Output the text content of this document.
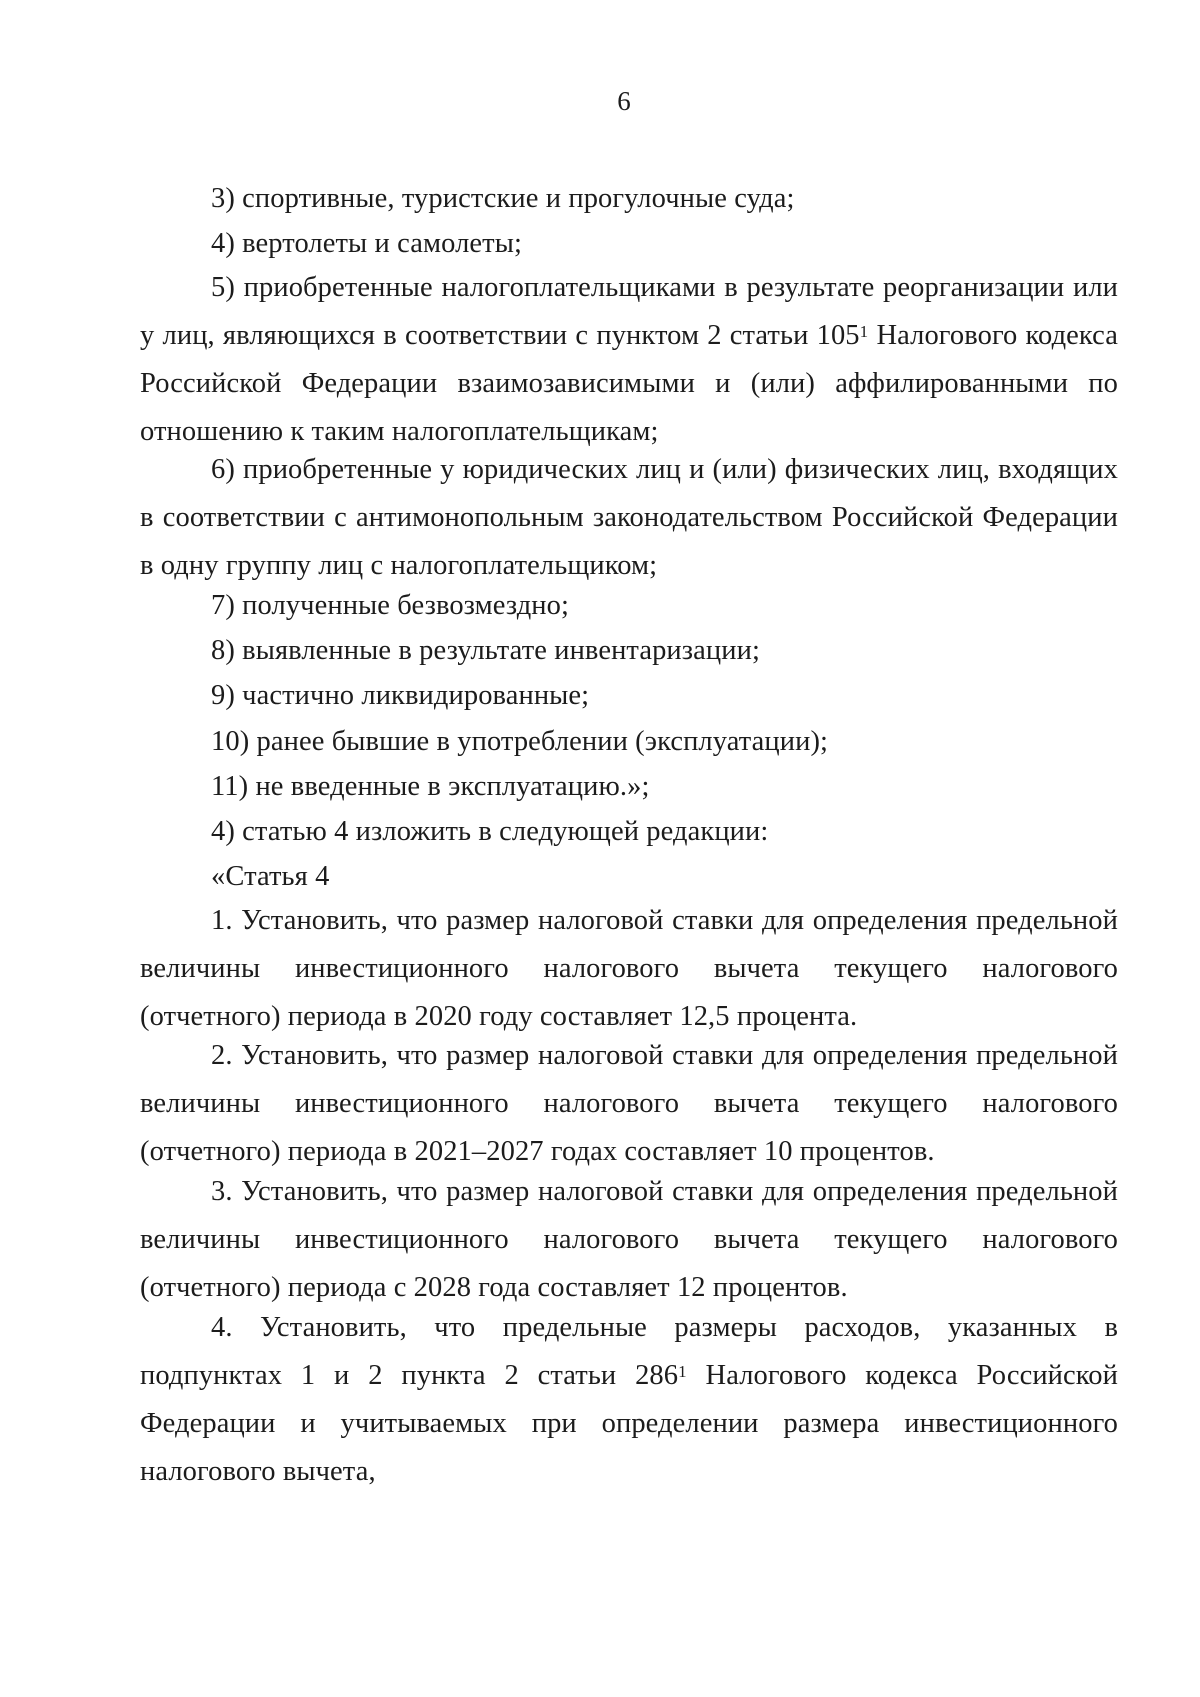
6

3) спортивные, туристские и прогулочные суда;

4) вертолеты и самолеты;

5) приобретенные налогоплательщиками в результате реорганизации или у лиц, являющихся в соответствии с пунктом 2 статьи $105^1$ Налогового кодекса Российской Федерации взаимозависимыми и (или) аффилированными по отношению к таким налогоплательщикам;

6) приобретенные у юридических лиц и (или) физических лиц, входящих в соответствии с антимонопольным законодательством Российской Федерации в одну группу лиц с налогоплательщиком;

7) полученные безвозмездно;

8) выявленные в результате инвентаризации;

9) частично ликвидированные;

10) ранее бывшие в употреблении (эксплуатации);

11) не введенные в эксплуатацию.»;

4) статью 4 изложить в следующей редакции:

«Статья 4

1. Установить, что размер налоговой ставки для определения предельной величины инвестиционного налогового вычета текущего налогового (отчетного) периода в 2020 году составляет 12,5 процента.

2. Установить, что размер налоговой ставки для определения предельной величины инвестиционного налогового вычета текущего налогового (отчетного) периода в 2021–2027 годах составляет 10 процентов.

3. Установить, что размер налоговой ставки для определения предельной величины инвестиционного налогового вычета текущего налогового (отчетного) периода с 2028 года составляет 12 процентов.

4. Установить, что предельные размеры расходов, указанных в подпунктах 1 и 2 пункта 2 статьи $286^1$ Налогового кодекса Российской Федерации и учитываемых при определении размера инвестиционного налогового вычета,
